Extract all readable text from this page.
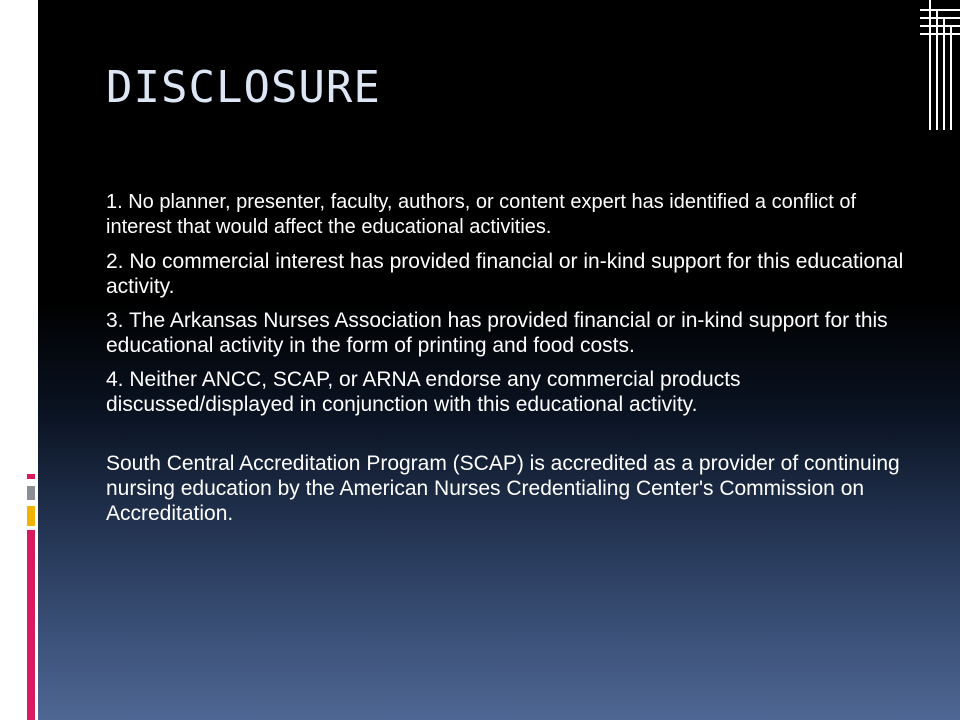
DISCLOSURE

1. No planner, presenter, faculty, authors, or content expert has identified a conflict of interest that would affect the educational activities.

2. No commercial interest has provided financial or in-kind support for this educational activity.

3. The Arkansas Nurses Association has provided financial or in-kind support for this educational activity in the form of printing and food costs.

4. Neither ANCC, SCAP, or ARNA endorse any commercial products discussed/displayed in conjunction with this educational activity.

South Central Accreditation Program (SCAP) is accredited as a provider of continuing nursing education by the American Nurses Credentialing Center's Commission on Accreditation.
